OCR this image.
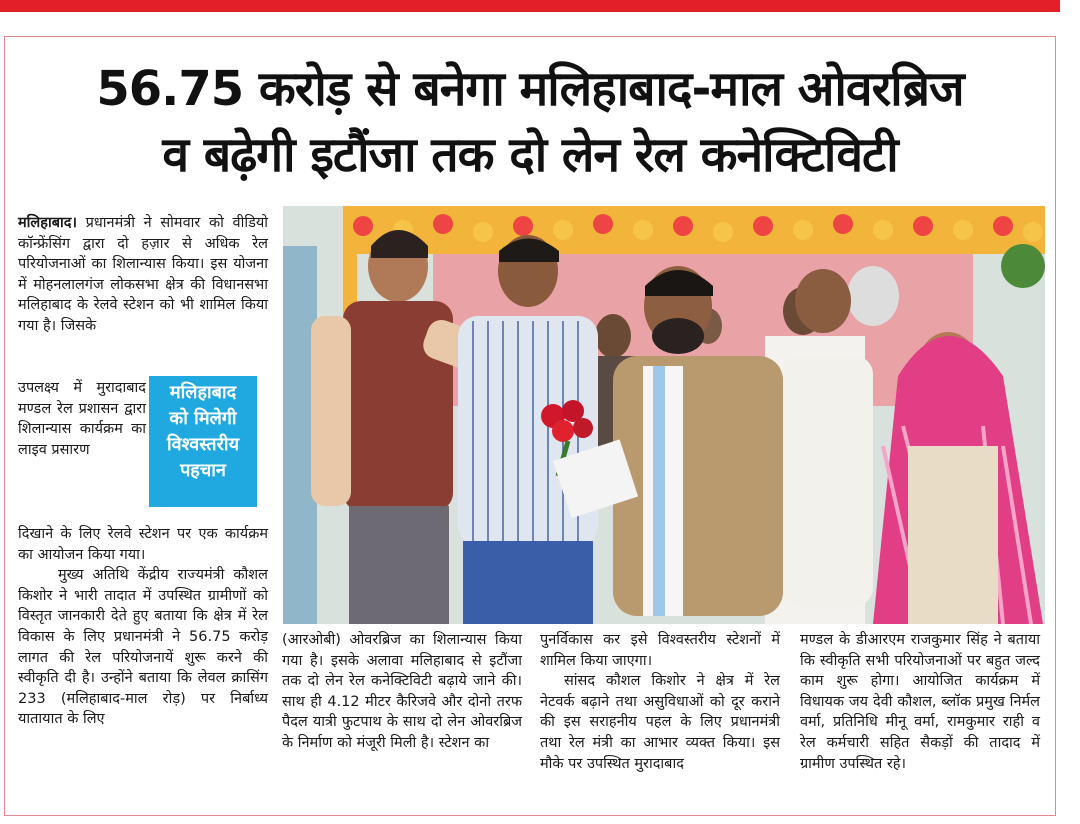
56.75 करोड़ से बनेगा मलिहाबाद-माल ओवरब्रिज
व बढ़ेगी इटौंजा तक दो लेन रेल कनेक्टिविटी

मलिहाबाद। प्रधानमंत्री ने सोमवार को वीडियो कॉन्फ्रेंसिंग द्वारा दो हज़ार से अधिक रेल परियोजनाओं का शिलान्यास किया। इस योजना में मोहनलालगंज लोकसभा क्षेत्र की विधानसभा मलिहाबाद के रेलवे स्टेशन को भी शामिल किया गया है। जिसके

उपलक्ष्य में मुरादाबाद मण्डल रेल प्रशासन द्वारा शिलान्यास कार्यक्रम का लाइव प्रसारण

मलिहाबाद
को मिलेगी
विश्वस्तरीय
पहचान

दिखाने के लिए रेलवे स्टेशन पर एक कार्यक्रम का आयोजन किया गया।

मुख्य अतिथि केंद्रीय राज्यमंत्री कौशल किशोर ने भारी तादात में उपस्थित ग्रामीणों को विस्तृत जानकारी देते हुए बताया कि क्षेत्र में रेल विकास के लिए प्रधानमंत्री ने 56.75 करोड़ लागत की रेल परियोजनायें शुरू करने की स्वीकृति दी है। उन्होंने बताया कि लेवल क्रासिंग 233 (मलिहाबाद-माल रोड़) पर निर्बाध्य यातायात के लिए

(आरओबी) ओवरब्रिज का शिलान्यास किया गया है। इसके अलावा मलिहाबाद से इटौंजा तक दो लेन रेल कनेक्टिविटी बढ़ाये जाने की। साथ ही 4.12 मीटर कैरिजवे और दोनो तरफ पैदल यात्री फुटपाथ के साथ दो लेन ओवरब्रिज के निर्माण को मंजूरी मिली है। स्टेशन का

पुनर्विकास कर इसे विश्वस्तरीय स्टेशनों में शामिल किया जाएगा।

सांसद कौशल किशोर ने क्षेत्र में रेल नेटवर्क बढ़ाने तथा असुविधाओं को दूर कराने की इस सराहनीय पहल के लिए प्रधानमंत्री तथा रेल मंत्री का आभार व्यक्त किया। इस मौके पर उपस्थित मुरादाबाद

मण्डल के डीआरएम राजकुमार सिंह ने बताया कि स्वीकृति सभी परियोजनाओं पर बहुत जल्द काम शुरू होगा। आयोजित कार्यक्रम में विधायक जय देवी कौशल, ब्लॉक प्रमुख निर्मल वर्मा, प्रतिनिधि मीनू वर्मा, रामकुमार राही व रेल कर्मचारी सहित सैकड़ों की तादाद में ग्रामीण उपस्थित रहे।
